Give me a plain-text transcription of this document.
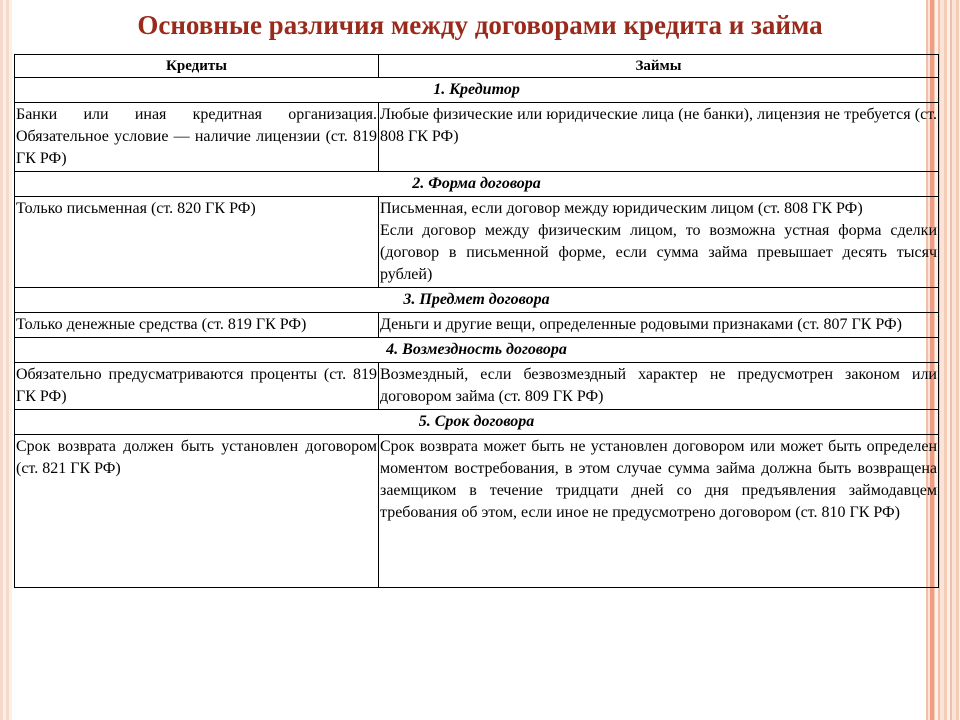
Основные различия между договорами кредита и займа
Кредиты	Займы
1. Кредитор	
Банки или иная кредитная организация. Обязательное условие — наличие лицензии (ст. 819 ГК РФ)	Любые физические или юридические лица (не банки), лицензия не требуется (ст. 808 ГК РФ)
2. Форма договора	
Только письменная (ст. 820 ГК РФ)	Письменная, если договор между юридическим лицом (ст. 808 ГК РФ)
Если договор между физическим лицом, то возможна устная форма сделки (договор в письменной форме, если сумма займа превышает десять тысяч рублей)

3. Предмет договора	
Только денежные средства (ст. 819 ГК РФ)	Деньги и другие вещи, определенные родовыми признаками (ст. 807 ГК РФ)
4. Возмездность договора	
Обязательно предусматриваются проценты (ст. 819 ГК РФ)	Возмездный, если безвозмездный характер не предусмотрен законом или договором займа (ст. 809 ГК РФ)
5. Срок договора	
Срок возврата должен быть установлен договором (ст. 821 ГК РФ)	Срок возврата может быть не установлен договором или может быть определен моментом востребования, в этом случае сумма займа должна быть возвращена заемщиком в течение тридцати дней со дня предъявления займодавцем требования об этом, если иное не предусмотрено договором (ст. 810 ГК РФ)
